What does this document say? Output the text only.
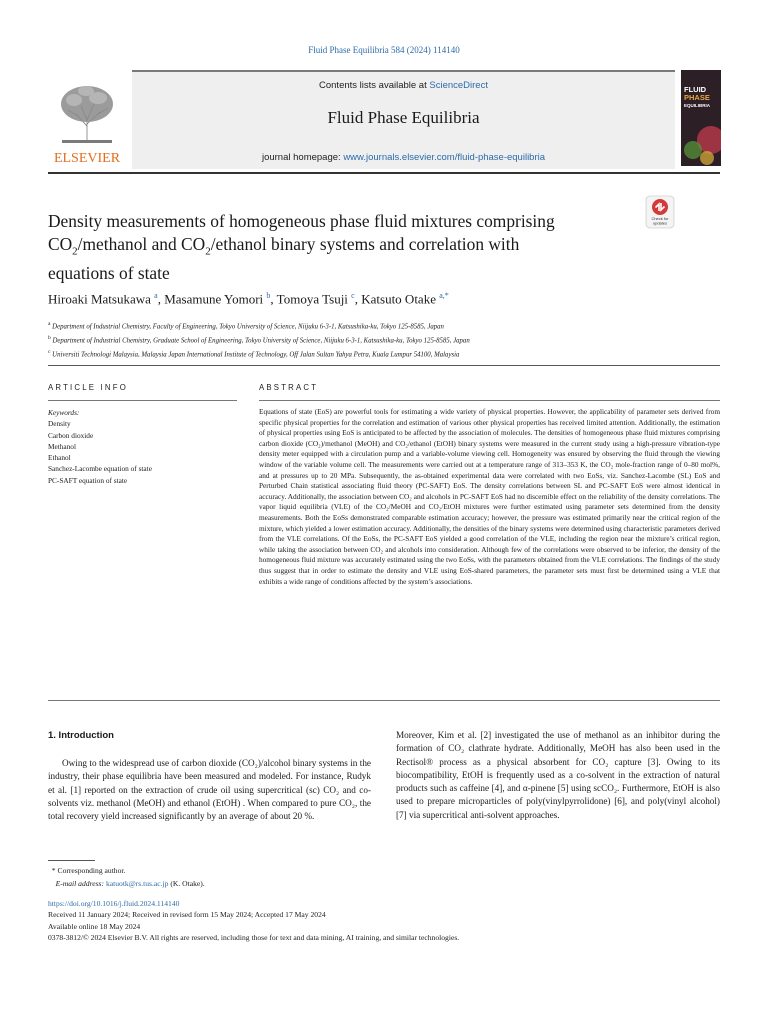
Fluid Phase Equilibria 584 (2024) 114140
ELSEVIER
Contents lists available at ScienceDirect
Fluid Phase Equilibria
journal homepage: www.journals.elsevier.com/fluid-phase-equilibria
FLUID
PHASE
EQUILIBRIA
Density measurements of homogeneous phase fluid mixtures comprising
$CO_2$/methanol and $CO_2$/ethanol binary systems and correlation with
equations of state
Check for
updates
Hiroaki Matsukawa $^a$, Masamune Yomori $^b$, Tomoya Tsuji $^c$, Katsuto Otake $^{a,*}$
$^a$ Department of Industrial Chemistry, Faculty of Engineering, Tokyo University of Science, Niijuku 6-3-1, Katsushika-ku, Tokyo 125-8585, Japan
$^b$ Department of Industrial Chemistry, Graduate School of Engineering, Tokyo University of Science, Niijuku 6-3-1, Katsushika-ku, Tokyo 125-8585, Japan
$^c$ Universiti Technologi Malaysia, Malaysia Japan International Institute of Technology, Off Jalan Sultan Yahya Petra, Kuala Lumpur 54100, Malaysia
ARTICLE INFO	ABSTRACT
Keywords:
Density
Carbon dioxide
Methanol
Ethanol
Sanchez-Lacombe equation of state
PC-SAFT equation of state
Equations of state (EoS) are powerful tools for estimating a wide variety of physical properties. However, the applicability of parameter sets derived from specific physical properties for the correlation and estimation of various other physical properties has received limited attention. Additionally, the estimation of physical properties using EoS is anticipated to be affected by the association of molecules. The densities of homogeneous phase fluid mixtures comprising carbon dioxide (CO₂)/methanol (MeOH) and CO₂/ethanol (EtOH) binary systems were measured in the current study using a high-pressure vibration-type density meter equipped with a circulation pump and a variable-volume viewing cell. Homogeneity was ensured by observing the fluid through the viewing window of the variable volume cell. The measurements were carried out at a temperature range of 313–353 K, the CO₂ mole-fraction range of 0–80 mol%, and at pressures up to 20 MPa. Subsequently, the as-obtained experimental data were correlated with two EoSs, viz. Sanchez-Lacombe (SL) EoS and Perturbed Chain statistical associating fluid theory (PC-SAFT) EoS. The density correlations between SL and PC-SAFT EoS were almost identical in accuracy. Additionally, the association between CO₂ and alcohols in PC-SAFT EoS had no discernible effect on the reliability of the density correlations. The vapor liquid equilibria (VLE) of the CO₂/MeOH and CO₂/EtOH mixtures were further estimated using parameter sets determined from the density measurements. Both the EoSs demonstrated comparable estimation accuracy; however, the pressure was estimated primarily near the critical region of the mixture, which yielded a lower estimation accuracy. Additionally, the densities of the binary systems were determined using characteristic parameters derived from the VLE correlations. Of the EoSs, the PC-SAFT EoS yielded a good correlation of the VLE, including the region near the mixture’s critical region, while taking the association between CO₂ and alcohols into consideration. Although few of the correlations were observed to be inferior, the density of the homogeneous fluid mixture was accurately estimated using the two EoSs, with the parameters obtained from the VLE correlations. The findings of the study thus suggest that in order to estimate the density and VLE using EoS-shared parameters, the parameter sets must first be determined using a VLE that exhibits a wide range of conditions affected by the system’s associations.
1. Introduction
Owing to the widespread use of carbon dioxide (CO₂)/alcohol binary systems in the industry, their phase equilibria have been measured and modeled. For instance, Rudyk et al. [1] reported on the extraction of crude oil using supercritical (sc) CO₂ and co-solvents viz. methanol (MeOH) and ethanol (EtOH) . When compared to pure CO₂, the total recovery yield increased significantly by an average of about 20 %.
Moreover, Kim et al. [2] investigated the use of methanol as an inhibitor during the formation of CO₂ clathrate hydrate. Additionally, MeOH has also been used in the Rectisol® process as a physical absorbent for CO₂ capture [3]. Owing to its biocompatibility, EtOH is frequently used as a co-solvent in the extraction of natural products such as caffeine [4], and α-pinene [5] using scCO₂. Furthermore, EtOH is also used to prepare microparticles of poly(vinylpyrrolidone) [6], and poly(vinyl alcohol) [7] via supercritical anti-solvent approaches.
* Corresponding author.
E-mail address: katuotk@rs.tus.ac.jp (K. Otake).
https://doi.org/10.1016/j.fluid.2024.114140
Received 11 January 2024; Received in revised form 15 May 2024; Accepted 17 May 2024
Available online 18 May 2024
0378-3812/© 2024 Elsevier B.V. All rights are reserved, including those for text and data mining, AI training, and similar technologies.
